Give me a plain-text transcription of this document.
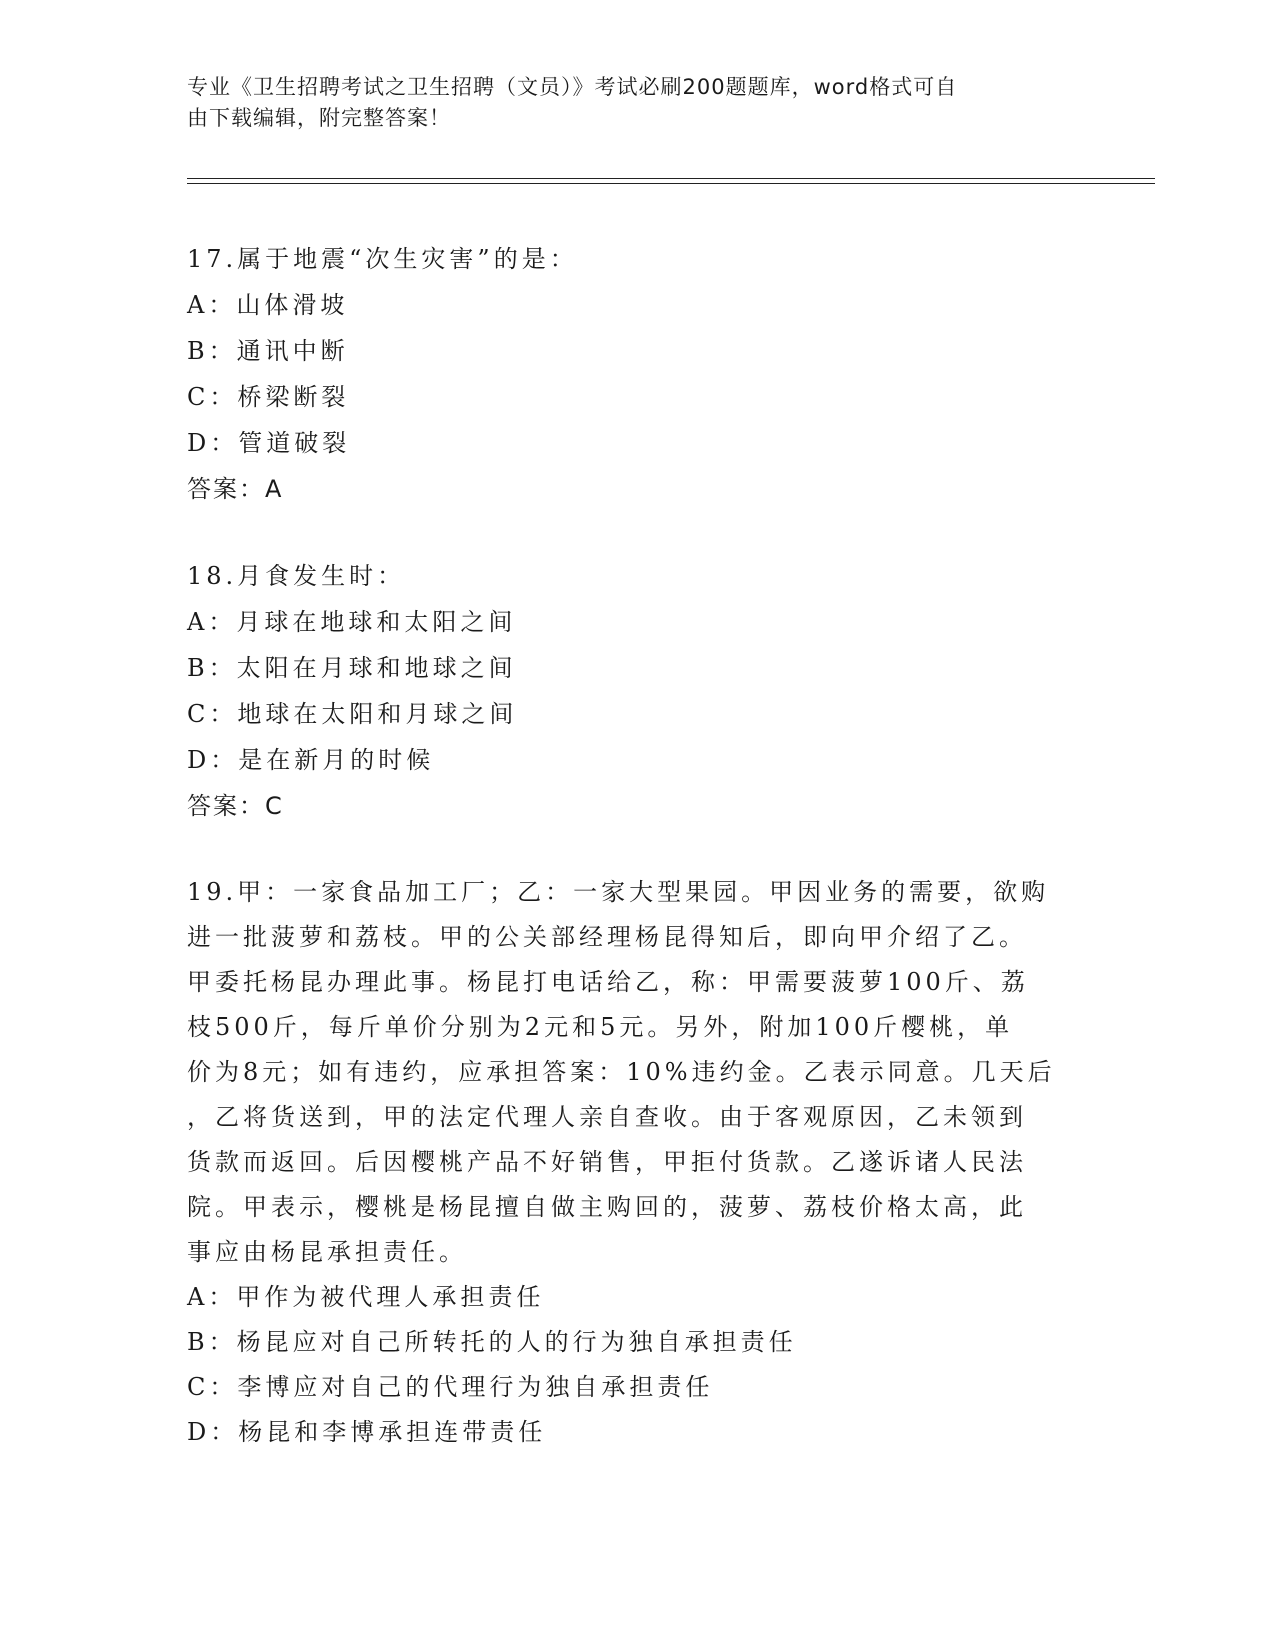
专业《卫生招聘考试之卫生招聘（文员）》考试必刷200题题库，word格式可自
由下载编辑，附完整答案！
17.属于地震“次生灾害”的是：
A：山体滑坡
B：通讯中断
C：桥梁断裂
D：管道破裂
答案：A
18.月食发生时：
A：月球在地球和太阳之间
B：太阳在月球和地球之间
C：地球在太阳和月球之间
D：是在新月的时候
答案：C
19.甲：一家食品加工厂；乙：一家大型果园。甲因业务的需要，欲购
进一批菠萝和荔枝。甲的公关部经理杨昆得知后，即向甲介绍了乙。
甲委托杨昆办理此事。杨昆打电话给乙，称：甲需要菠萝100斤、荔
枝500斤，每斤单价分别为2元和5元。另外，附加100斤樱桃，单
价为8元；如有违约，应承担答案：10%违约金。乙表示同意。几天后
，乙将货送到，甲的法定代理人亲自查收。由于客观原因，乙未领到
货款而返回。后因樱桃产品不好销售，甲拒付货款。乙遂诉诸人民法
院。甲表示，樱桃是杨昆擅自做主购回的，菠萝、荔枝价格太高，此
事应由杨昆承担责任。
A：甲作为被代理人承担责任
B：杨昆应对自己所转托的人的行为独自承担责任
C：李博应对自己的代理行为独自承担责任
D：杨昆和李博承担连带责任
